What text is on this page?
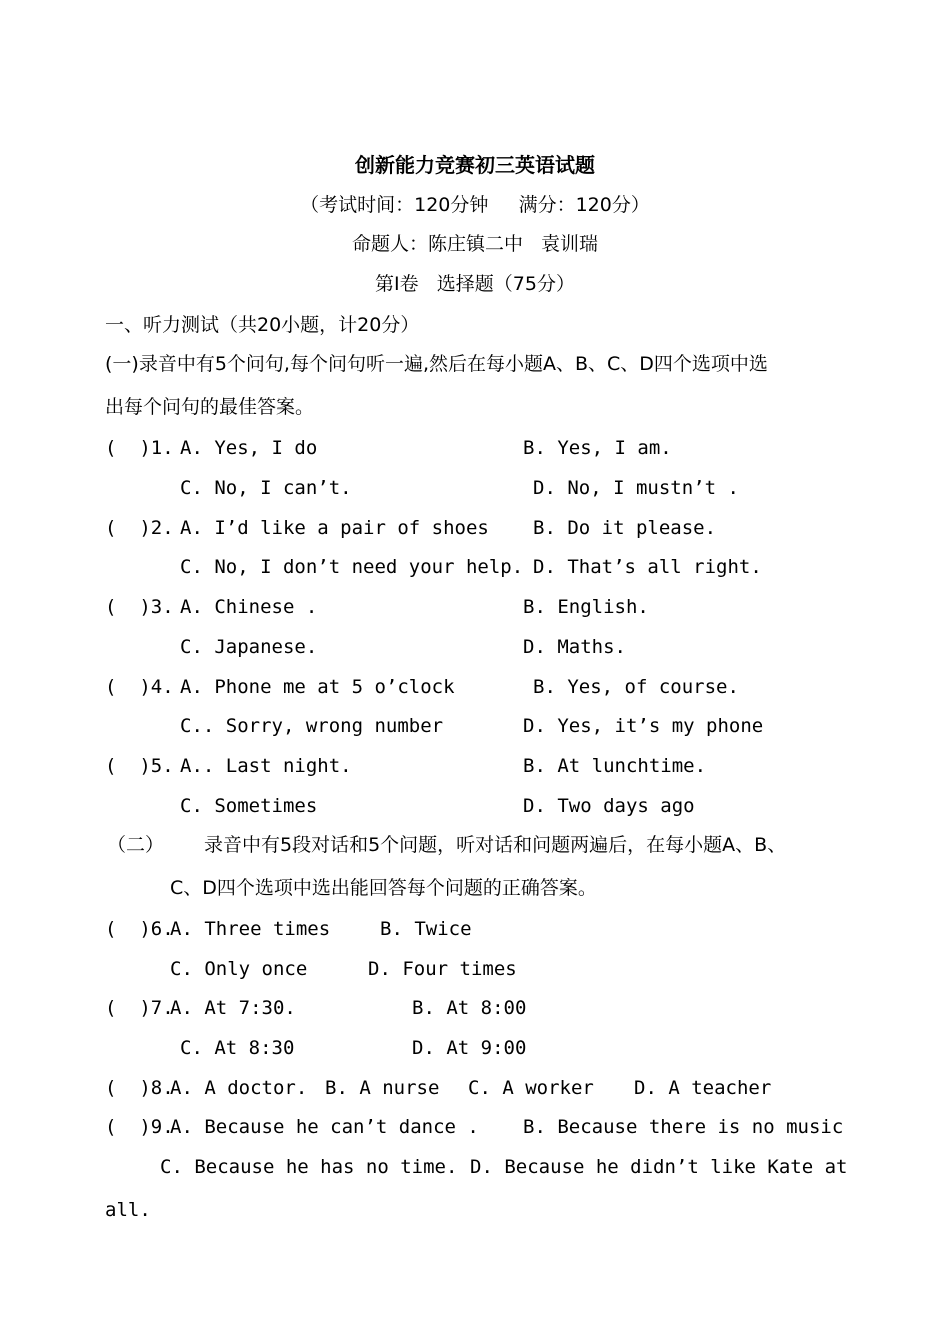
创新能力竞赛初三英语试题
（考试时间：120分钟     满分：120分）
命题人：陈庄镇二中   袁训瑞
第Ⅰ卷   选择题（75分）
一、听力测试（共20小题，计20分）
(一)录音中有5个问句,每个问句听一遍,然后在每小题A、B、C、D四个选项中选
出每个问句的最佳答案。
(  )1. A. Yes, I do	B. Yes, I am.
C. No, I can’t.	D. No, I mustn’t .
(  )2. A. I’d like a pair of shoes B. Do it please.
C. No, I don’t need your help. D. That’s all right.
(  )3. A. Chinese .	B. English.
C. Japanese.	D. Maths.
(  )4. A. Phone me at 5 o’clock	B. Yes, of course.
C.. Sorry, wrong number	D. Yes, it’s my phone
(  )5. A.. Last night.	B. At lunchtime.
C. Sometimes	D. Two days ago
（二） 录音中有5段对话和5个问题，听对话和问题两遍后，在每小题A、B、
C、D四个选项中选出能回答每个问题的正确答案。
(  )6.
A. Three times	B. Twice
C. Only once	D. Four times
(  )7.
A. At 7:30.	B. At 8:00
C. At 8:30	D. At 9:00
(  )8.
A. A doctor. B. A nurse C. A worker D. A teacher
(  )9.
A. Because he can’t dance . B. Because there is no music
C. Because he has no time. D. Because he didn’t like Kate at
all.
